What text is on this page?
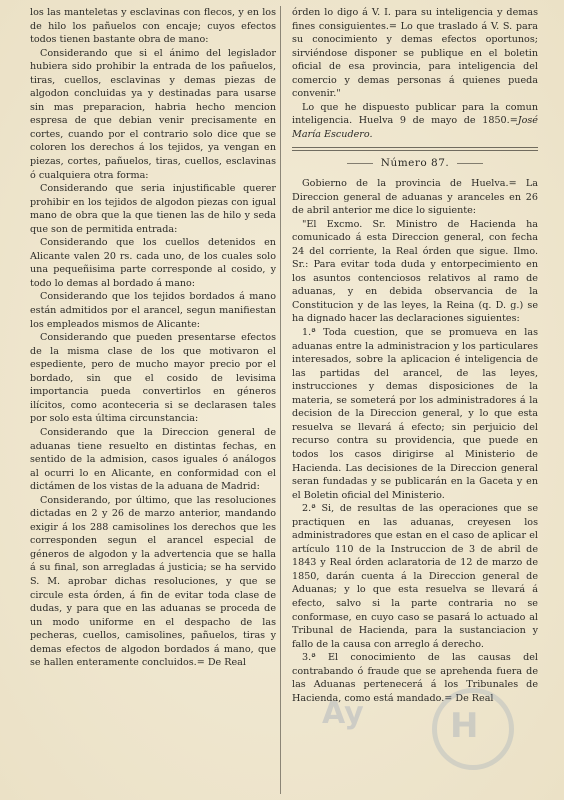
los las manteletas y esclavinas con flecos, y en los de hilo los pañuelos con encaje; cuyos efectos todos tienen bastante obra de mano:

Considerando que si el ánimo del legislador hubiera sido prohibir la entrada de los pañuelos, tiras, cuellos, esclavinas y demas piezas de algodon concluidas ya y destinadas para usarse sin mas preparacion, habria hecho mencion espresa de que debian venir precisamente en cortes, cuando por el contrario solo dice que se coloren los derechos á los tejidos, ya vengan en piezas, cortes, pañuelos, tiras, cuellos, esclavinas ó cualquiera otra forma:

Considerando que seria injustificable querer prohibir en los tejidos de algodon piezas con igual mano de obra que la que tienen las de hilo y seda que son de permitida entrada:

Considerando que los cuellos detenidos en Alicante valen 20 rs. cada uno, de los cuales solo una pequeñisima parte corresponde al cosido, y todo lo demas al bordado á mano:

Considerando que los tejidos bordados á mano están admitidos por el arancel, segun manifiestan los empleados mismos de Alicante:

Considerando que pueden presentarse efectos de la misma clase de los que motivaron el espediente, pero de mucho mayor precio por el bordado, sin que el cosido de levisima importancia pueda convertirlos en géneros ilícitos, como aconteceria si se declarasen tales por solo esta última circunstancia:

Considerando que la Direccion general de aduanas tiene resuelto en distintas fechas, en sentido de la admision, casos iguales ó análogos al ocurri lo en Alicante, en conformidad con el dictámen de los vistas de la aduana de Madrid:

Considerando, por último, que las resoluciones dictadas en 2 y 26 de marzo anterior, mandando exigir á los 288 camisolines los derechos que les corresponden segun el arancel especial de géneros de algodon y la advertencia que se halla á su final, son arregladas á justicia; se ha servido S. M. aprobar dichas resoluciones, y que se circule esta órden, á fin de evitar toda clase de dudas, y para que en las aduanas se proceda de un modo uniforme en el despacho de las pecheras, cuellos, camisolines, pañuelos, tiras y demas efectos de algodon bordados á mano, que se hallen enteramente concluidos.= De Real

órden lo digo á V. I. para su inteligencia y demas fines consiguientes.= Lo que traslado á V. S. para su conocimiento y demas efectos oportunos; sirviéndose disponer se publique en el boletin oficial de esa provincia, para inteligencia del comercio y demas personas á quienes pueda convenir."

Lo que he dispuesto publicar para la comun inteligencia. Huelva 9 de mayo de 1850.=José María Escudero.

Número 87.

Gobierno de la provincia de Huelva.= La Direccion general de aduanas y aranceles en 26 de abril anterior me dice lo siguiente:

"El Excmo. Sr. Ministro de Hacienda ha comunicado á esta Direccion general, con fecha 24 del corriente, la Real órden que sigue. Ilmo. Sr.: Para evitar toda duda y entorpecimiento en los asuntos contenciosos relativos al ramo de aduanas, y en debida observancia de la Constitucion y de las leyes, la Reina (q. D. g.) se ha dignado hacer las declaraciones siguientes:

1.ª Toda cuestion, que se promueva en las aduanas entre la administracion y los particulares interesados, sobre la aplicacion é inteligencia de las partidas del arancel, de las leyes, instrucciones y demas disposiciones de la materia, se someterá por los administradores á la decision de la Direccion general, y lo que esta resuelva se llevará á efecto; sin perjuicio del recurso contra su providencia, que puede en todos los casos dirigirse al Ministerio de Hacienda. Las decisiones de la Direccion general seran fundadas y se publicarán en la Gaceta y en el Boletin oficial del Ministerio.

2.ª Si, de resultas de las operaciones que se practiquen en las aduanas, creyesen los administradores que estan en el caso de aplicar el artículo 110 de la Instruccion de 3 de abril de 1843 y Real órden aclaratoria de 12 de marzo de 1850, darán cuenta á la Direccion general de Aduanas; y lo que esta resuelva se llevará á efecto, salvo si la parte contraria no se conformase, en cuyo caso se pasará lo actuado al Tribunal de Hacienda, para la sustanciacion y fallo de la causa con arreglo á derecho.

3.ª El conocimiento de las causas del contrabando ó fraude que se aprehenda fuera de las Aduanas pertenecerá á los Tribunales de Hacienda, como está mandado.= De Real

Ay	H
